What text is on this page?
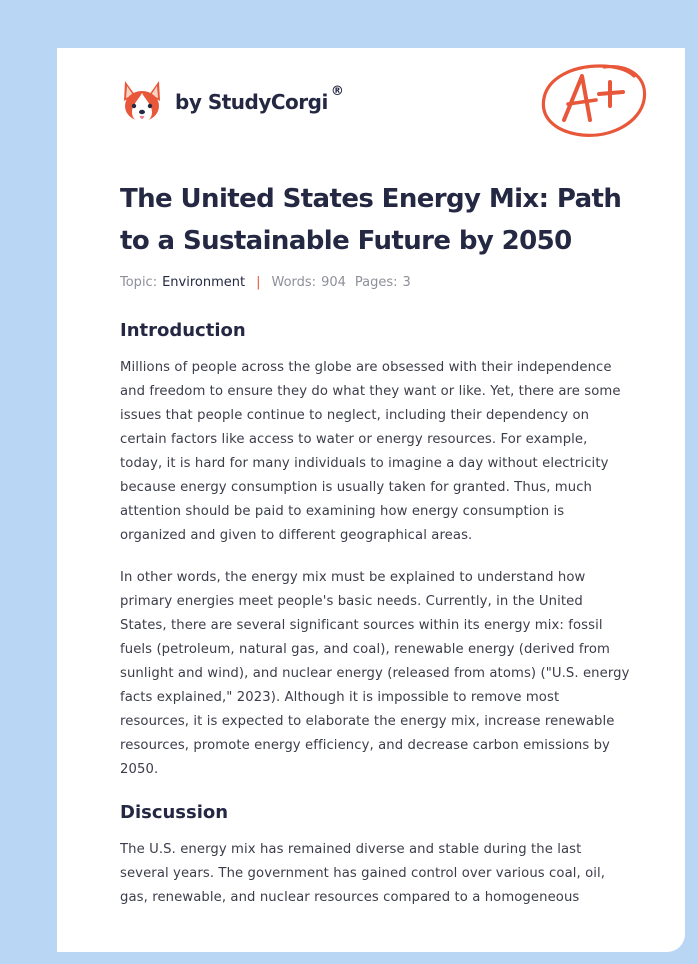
by StudyCorgi ®
The United States Energy Mix: Path to a Sustainable Future by 2050
Topic: Environment | Words: 904 Pages: 3
Introduction

Millions of people across the globe are obsessed with their independence and freedom to ensure they do what they want or like. Yet, there are some issues that people continue to neglect, including their dependency on certain factors like access to water or energy resources. For example, today, it is hard for many individuals to imagine a day without electricity because energy consumption is usually taken for granted. Thus, much attention should be paid to examining how energy consumption is organized and given to different geographical areas.

In other words, the energy mix must be explained to understand how primary energies meet people's basic needs. Currently, in the United States, there are several significant sources within its energy mix: fossil fuels (petroleum, natural gas, and coal), renewable energy (derived from sunlight and wind), and nuclear energy (released from atoms) ("U.S. energy facts explained," 2023). Although it is impossible to remove most resources, it is expected to elaborate the energy mix, increase renewable resources, promote energy efficiency, and decrease carbon emissions by 2050.

Discussion

The U.S. energy mix has remained diverse and stable during the last several years. The government has gained control over various coal, oil, gas, renewable, and nuclear resources compared to a homogeneous
